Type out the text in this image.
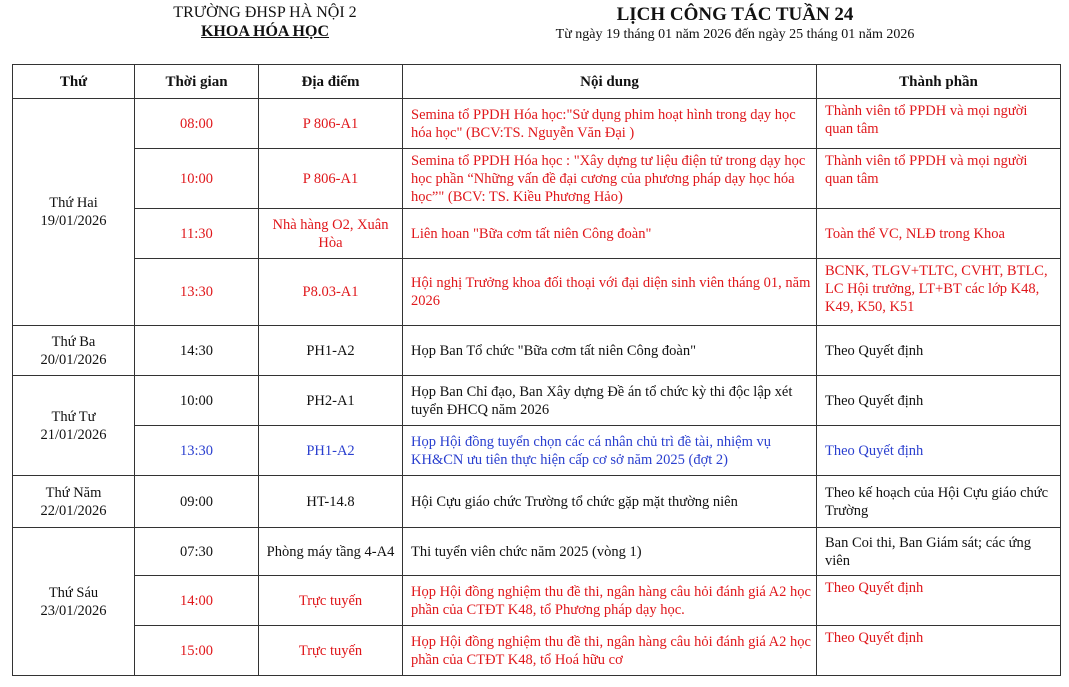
TRƯỜNG ĐHSP HÀ NỘI 2
KHOA HÓA HỌC
LỊCH CÔNG TÁC TUẦN 24
Từ ngày 19 tháng 01 năm 2026 đến ngày 25 tháng 01 năm 2026
Thứ	Thời gian	Địa điểm	Nội dung	Thành phần

Thứ Hai
19/01/2026	08:00	P 806-A1	Semina tổ PPDH Hóa học:"Sử dụng phim hoạt hình trong dạy học hóa học" (BCV:TS. Nguyễn Văn Đại )	Thành viên tổ PPDH và mọi người quan tâm
	10:00	P 806-A1	Semina tổ PPDH Hóa học : "Xây dựng tư liệu điện tử trong dạy học học phần “Những vấn đề đại cương của phương pháp dạy học hóa học”" (BCV: TS. Kiều Phương Hảo)	Thành viên tổ PPDH và mọi người quan tâm
	11:30	Nhà hàng O2, Xuân Hòa	Liên hoan "Bữa cơm tất niên Công đoàn"	Toàn thể VC, NLĐ trong Khoa
	13:30	P8.03-A1	Hội nghị Trưởng khoa đối thoại với đại diện sinh viên tháng 01, năm 2026	BCNK, TLGV+TLTC, CVHT, BTLC, LC Hội trưởng, LT+BT các lớp K48, K49, K50, K51

Thứ Ba
20/01/2026	14:30	PH1-A2	Họp Ban Tổ chức "Bữa cơm tất niên Công đoàn"	Theo Quyết định

Thứ Tư
21/01/2026	10:00	PH2-A1	Họp Ban Chỉ đạo, Ban Xây dựng Đề án tổ chức kỳ thi độc lập xét tuyển ĐHCQ năm 2026	Theo Quyết định
	13:30	PH1-A2	Họp Hội đồng tuyển chọn các cá nhân chủ trì đề tài, nhiệm vụ KH&CN ưu tiên thực hiện cấp cơ sở năm 2025 (đợt 2)	Theo Quyết định

Thứ Năm
22/01/2026	09:00	HT-14.8	Hội Cựu giáo chức Trường tổ chức gặp mặt thường niên	Theo kế hoạch của Hội Cựu giáo chức Trường

Thứ Sáu
23/01/2026	07:30	Phòng máy tầng 4-A4	Thi tuyển viên chức năm 2025 (vòng 1)	Ban Coi thi, Ban Giám sát; các ứng viên
	14:00	Trực tuyến	Họp Hội đồng nghiệm thu đề thi, ngân hàng câu hỏi đánh giá A2 học phần của CTĐT K48, tổ Phương pháp dạy học.	Theo Quyết định
	15:00	Trực tuyến	Họp Hội đồng nghiệm thu đề thi, ngân hàng câu hỏi đánh giá A2 học phần của CTĐT K48, tổ Hoá hữu cơ	Theo Quyết định
